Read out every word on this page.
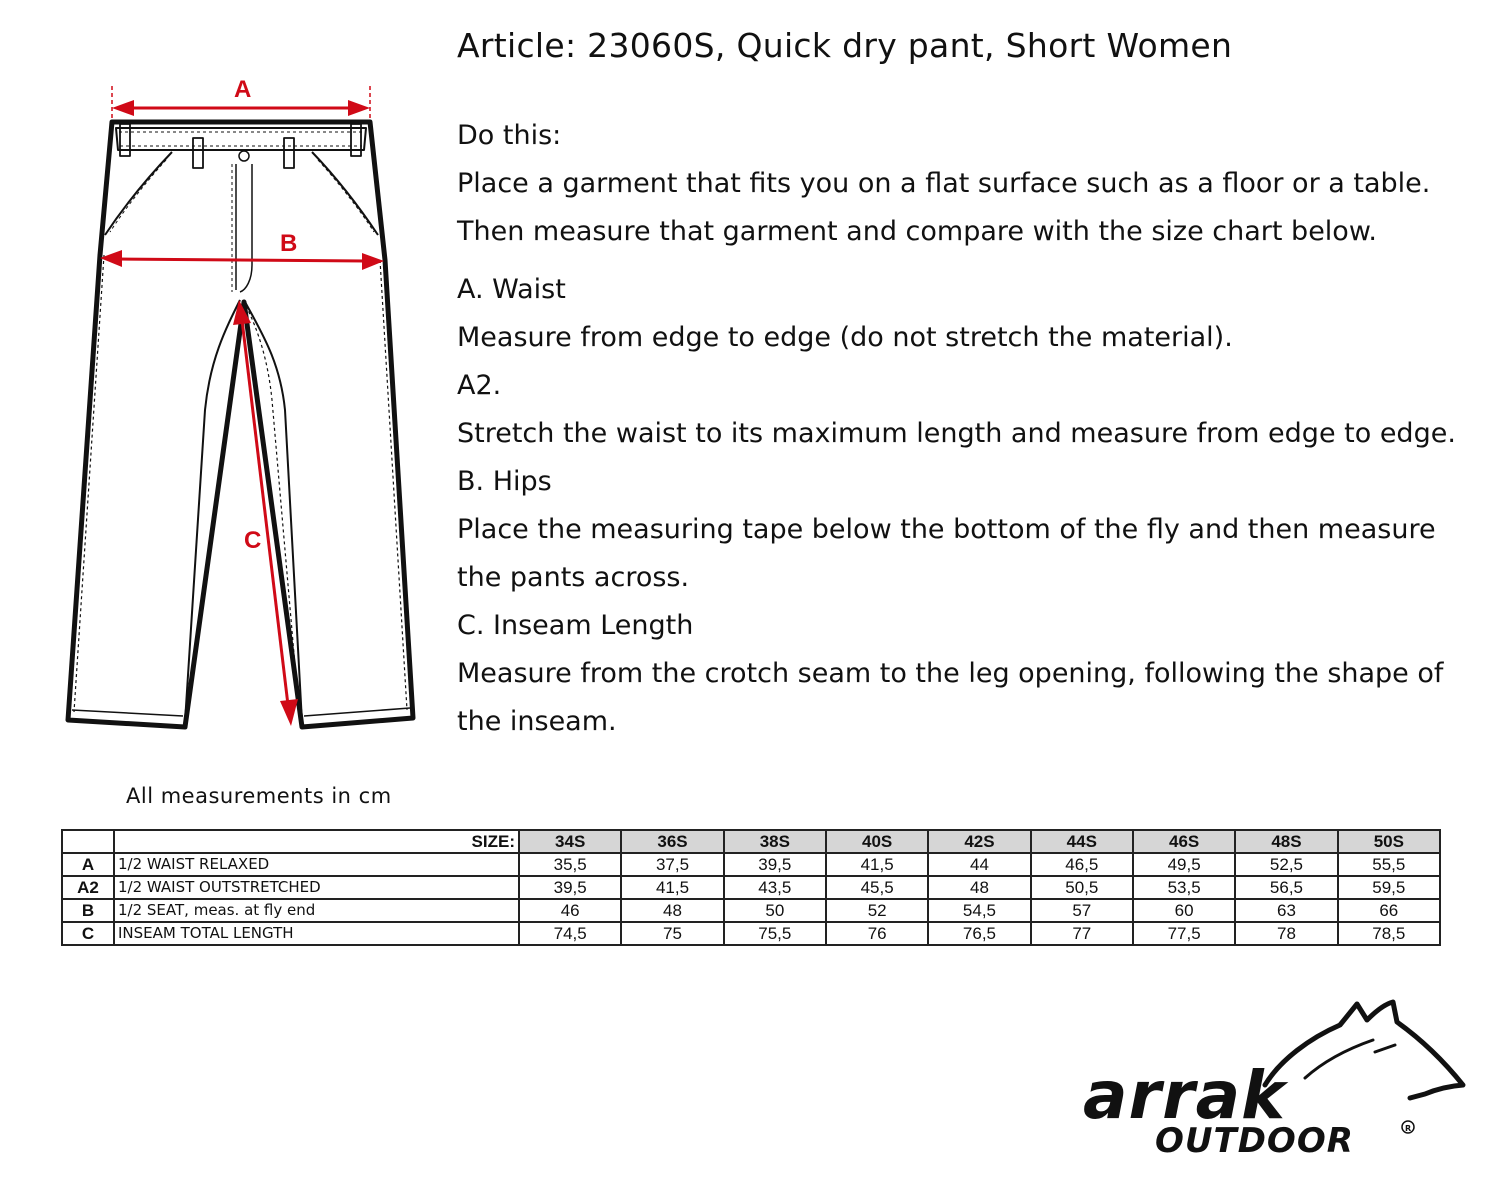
Article: 23060S, Quick dry pant, Short Women
A
B
C

Do this:

Place a garment that fits you on a flat surface such as a floor or a table.

Then measure that garment and compare with the size chart below.

A. Waist

Measure from edge to edge (do not stretch the material).

A2.

Stretch the waist to its maximum length and measure from edge to edge.

B. Hips

Place the measuring tape below the bottom of the fly and then measure the pants across.

C. Inseam Length

Measure from the crotch seam to the leg opening, following the shape of the inseam.

All measurements in cm
	SIZE:	34S	36S	38S	40S	42S	44S	46S	48S	50S
A	1/2 WAIST RELAXED	35,5	37,5	39,5	41,5	44	46,5	49,5	52,5	55,5
A2	1/2 WAIST OUTSTRETCHED	39,5	41,5	43,5	45,5	48	50,5	53,5	56,5	59,5
B	1/2 SEAT, meas. at fly end	46	48	50	52	54,5	57	60	63	66
C	INSEAM TOTAL LENGTH	74,5	75	75,5	76	76,5	77	77,5	78	78,5
arrak
OUTDOOR	R
